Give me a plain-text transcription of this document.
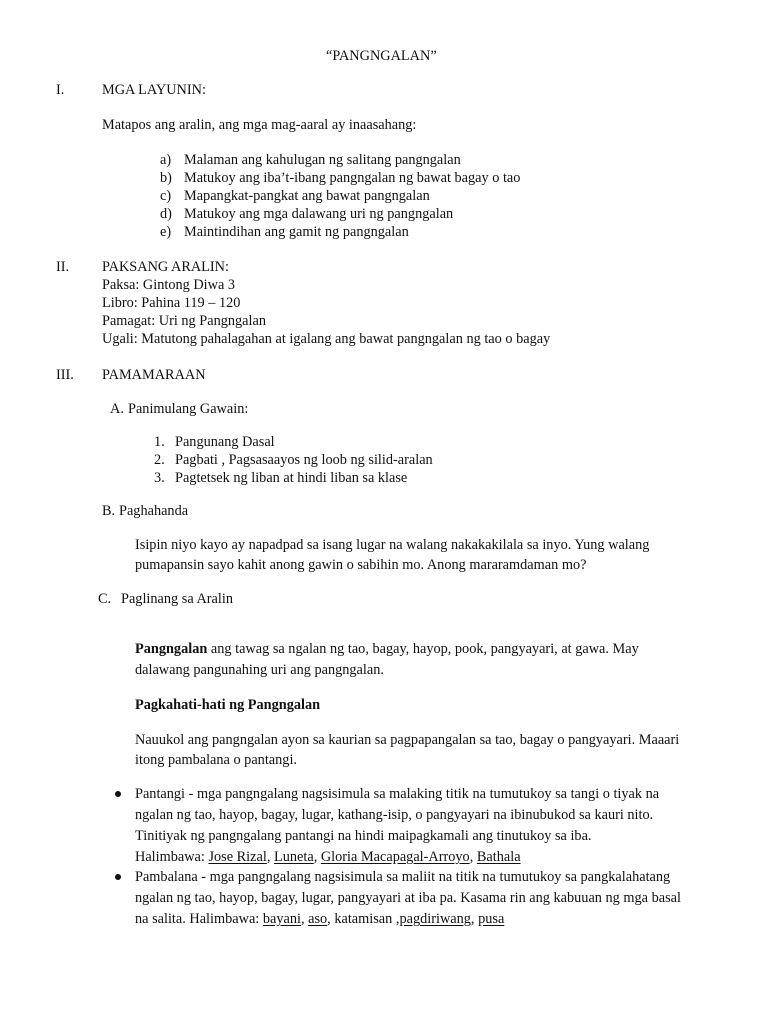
“PANGNGALAN”
I.	MGA LAYUNIN:
Matapos ang aralin, ang mga mag-aaral ay inaasahang:
a) Malaman ang kahulugan ng salitang pangngalan
b) Matukoy ang iba’t-ibang pangngalan ng bawat bagay o tao
c) Mapangkat-pangkat ang bawat pangngalan
d) Matukoy ang mga dalawang uri ng pangngalan
e) Maintindihan ang gamit ng pangngalan
II. PAKSANG ARALIN:
Paksa: Gintong Diwa 3
Libro: Pahina 119 – 120
Pamagat: Uri ng Pangngalan
Ugali: Matutong pahalagahan at igalang ang bawat pangngalan ng tao o bagay
III. PAMAMARAAN
A. Panimulang Gawain:
1. Pangunang Dasal
2. Pagbati , Pagsasaayos ng loob ng silid-aralan
3. Pagtetsek ng liban at hindi liban sa klase
B. Paghahanda
Isipin niyo kayo ay napadpad sa isang lugar na walang nakakakilala sa inyo. Yung walang
pumapansin sayo kahit anong gawin o sabihin mo. Anong mararamdaman mo?
C. Paglinang sa Aralin
Pangngalan ang tawag sa ngalan ng tao, bagay, hayop, pook, pangyayari, at gawa. May
dalawang pangunahing uri ang pangngalan.
Pagkahati-hati ng Pangngalan
Nauukol ang pangngalan ayon sa kaurian sa pagpapangalan sa tao, bagay o pangyayari. Maaari
itong pambalana o pantangi.
Pantangi - mga pangngalang nagsisimula sa malaking titik na tumutukoy sa tangi o tiyak na
ngalan ng tao, hayop, bagay, lugar, kathang-isip, o pangyayari na ibinubukod sa kauri nito.
Tinitiyak ng pangngalang pantangi na hindi maipagkamali ang tinutukoy sa iba.
Halimbawa: Jose Rizal, Luneta, Gloria Macapagal-Arroyo, Bathala
Pambalana - mga pangngalang nagsisimula sa maliit na titik na tumutukoy sa pangkalahatang
ngalan ng tao, hayop, bagay, lugar, pangyayari at iba pa. Kasama rin ang kabuuan ng mga basal
na salita. Halimbawa: bayani, aso, katamisan ,pagdiriwang, pusa
